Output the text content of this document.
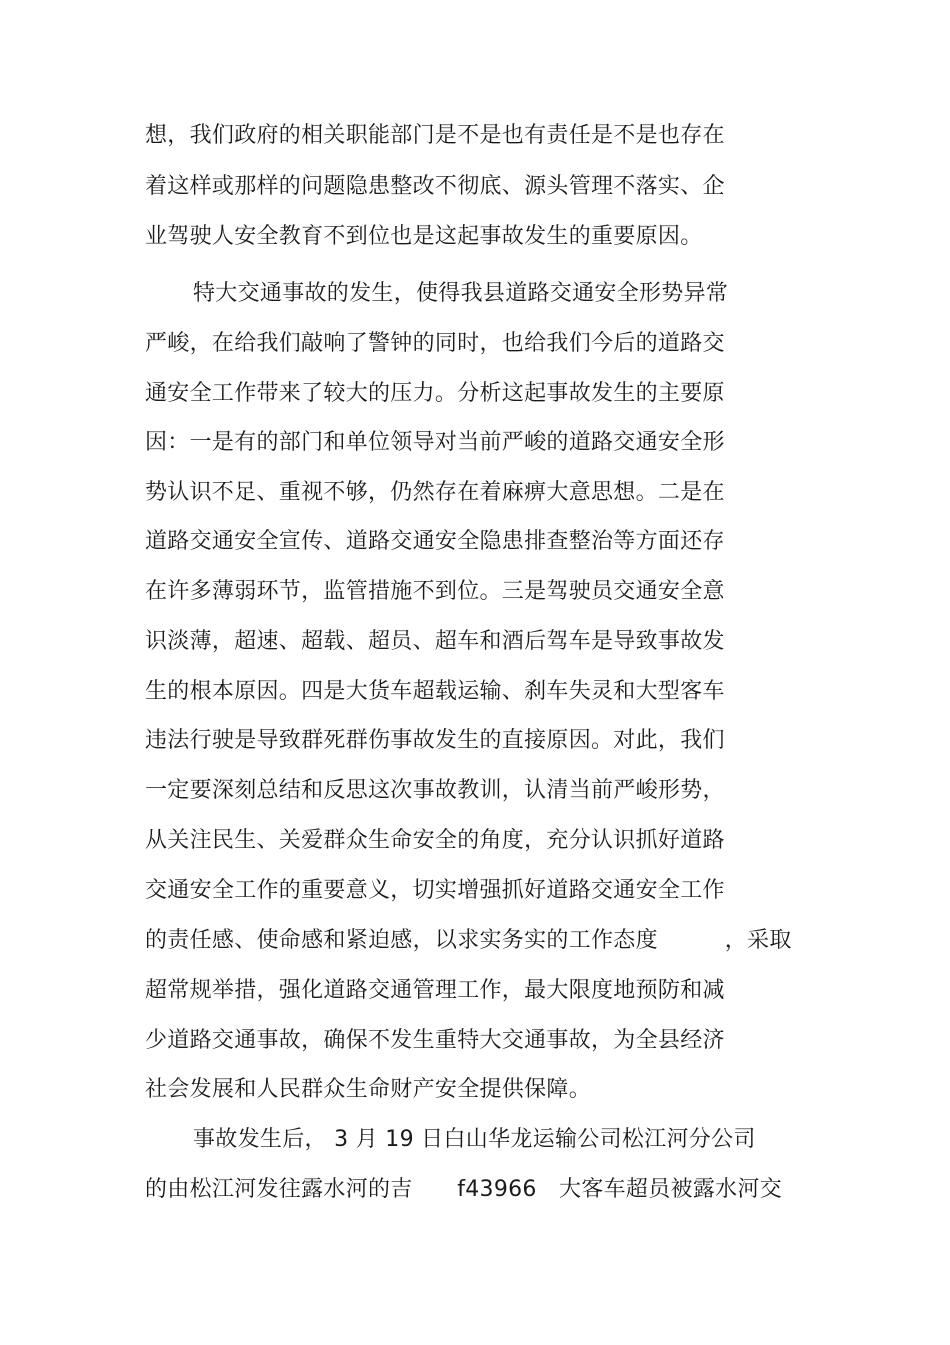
想，我们政府的相关职能部门是不是也有责任是不是也存在
着这样或那样的问题隐患整改不彻底、源头管理不落实、企
业驾驶人安全教育不到位也是这起事故发生的重要原因。
特大交通事故的发生，使得我县道路交通安全形势异常
严峻，在给我们敲响了警钟的同时，也给我们今后的道路交
通安全工作带来了较大的压力。分析这起事故发生的主要原
因：一是有的部门和单位领导对当前严峻的道路交通安全形
势认识不足、重视不够，仍然存在着麻痹大意思想。二是在
道路交通安全宣传、道路交通安全隐患排查整治等方面还存
在许多薄弱环节，监管措施不到位。三是驾驶员交通安全意
识淡薄，超速、超载、超员、超车和酒后驾车是导致事故发
生的根本原因。四是大货车超载运输、刹车失灵和大型客车
违法行驶是导致群死群伤事故发生的直接原因。对此，我们
一定要深刻总结和反思这次事故教训，认清当前严峻形势，
从关注民生、关爱群众生命安全的角度，充分认识抓好道路
交通安全工作的重要意义，切实增强抓好道路交通安全工作
的责任感、使命感和紧迫感，以求实务实的工作态度　　　，采取
超常规举措，强化道路交通管理工作，最大限度地预防和减
少道路交通事故，确保不发生重特大交通事故，为全县经济
社会发展和人民群众生命财产安全提供保障。
事故发生后， 3 月 19 日白山华龙运输公司松江河分公司
的由松江河发往露水河的吉　　f43966　大客车超员被露水河交
